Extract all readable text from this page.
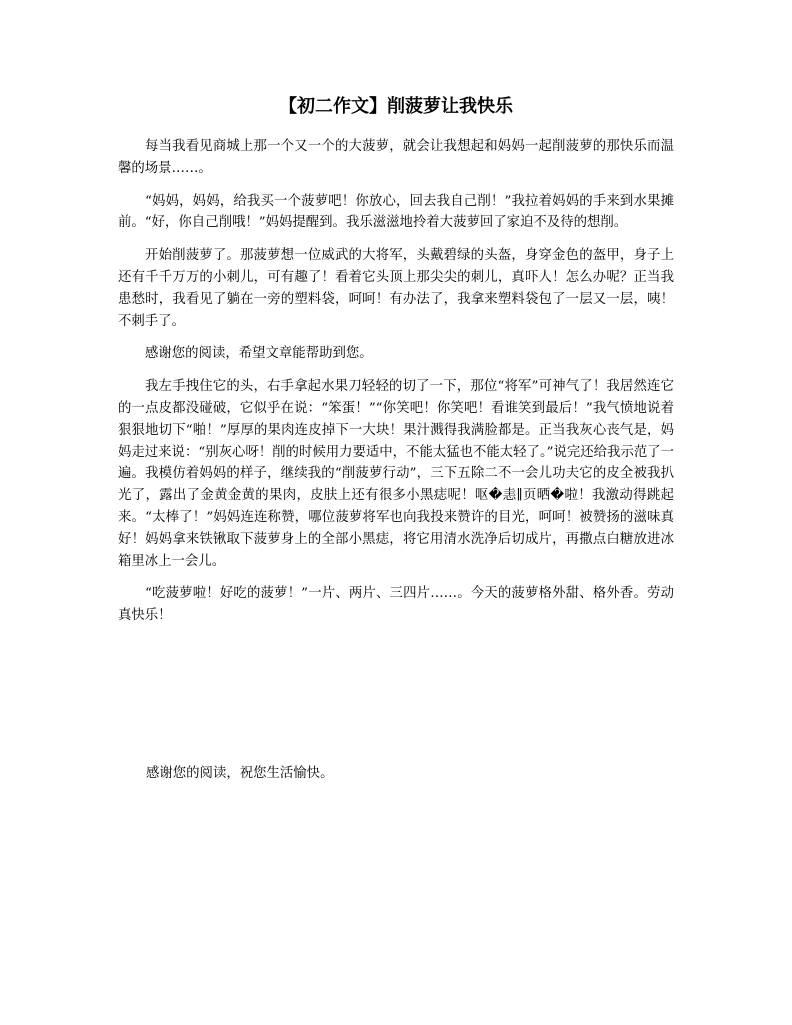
【初二作文】削菠萝让我快乐

每当我看见商城上那一个又一个的大菠萝，就会让我想起和妈妈一起削菠萝的那快乐而温馨的场景……。

“妈妈，妈妈，给我买一个菠萝吧！你放心，回去我自己削！”我拉着妈妈的手来到水果摊前。“好，你自己削哦！”妈妈提醒到。我乐滋滋地拎着大菠萝回了家迫不及待的想削。

开始削菠萝了。那菠萝想一位威武的大将军，头戴碧绿的头盔，身穿金色的盔甲，身子上还有千千万万的小刺儿，可有趣了！看着它头顶上那尖尖的刺儿，真吓人！怎么办呢？正当我患愁时，我看见了躺在一旁的塑料袋，呵呵！有办法了，我拿来塑料袋包了一层又一层，咦！不刺手了。

感谢您的阅读，希望文章能帮助到您。

我左手拽住它的头，右手拿起水果刀轻轻的切了一下，那位“将军”可神气了！我居然连它的一点皮都没碰破，它似乎在说：“笨蛋！”“你笑吧！你笑吧！看谁笑到最后！”我气愤地说着狠狠地切下“啪！”厚厚的果肉连皮掉下一大块！果汁溅得我满脸都是。正当我灰心丧气是，妈妈走过来说：“别灰心呀！削的时候用力要适中，不能太猛也不能太轻了。”说完还给我示范了一遍。我模仿着妈妈的样子，继续我的“削菠萝行动”，三下五除二不一会儿功夫它的皮全被我扒光了，露出了金黄金黄的果肉，皮肤上还有很多小黑痣呢！呕�恚∥页晒�啦！我激动得跳起来。“太棒了！”妈妈连连称赞，哪位菠萝将军也向我投来赞许的目光，呵呵！被赞扬的滋味真好！妈妈拿来铁锹取下菠萝身上的全部小黑痣，将它用清水洗净后切成片，再撒点白糖放进冰箱里冰上一会儿。

“吃菠萝啦！好吃的菠萝！”一片、两片、三四片……。今天的菠萝格外甜、格外香。劳动真快乐！

感谢您的阅读，祝您生活愉快。
